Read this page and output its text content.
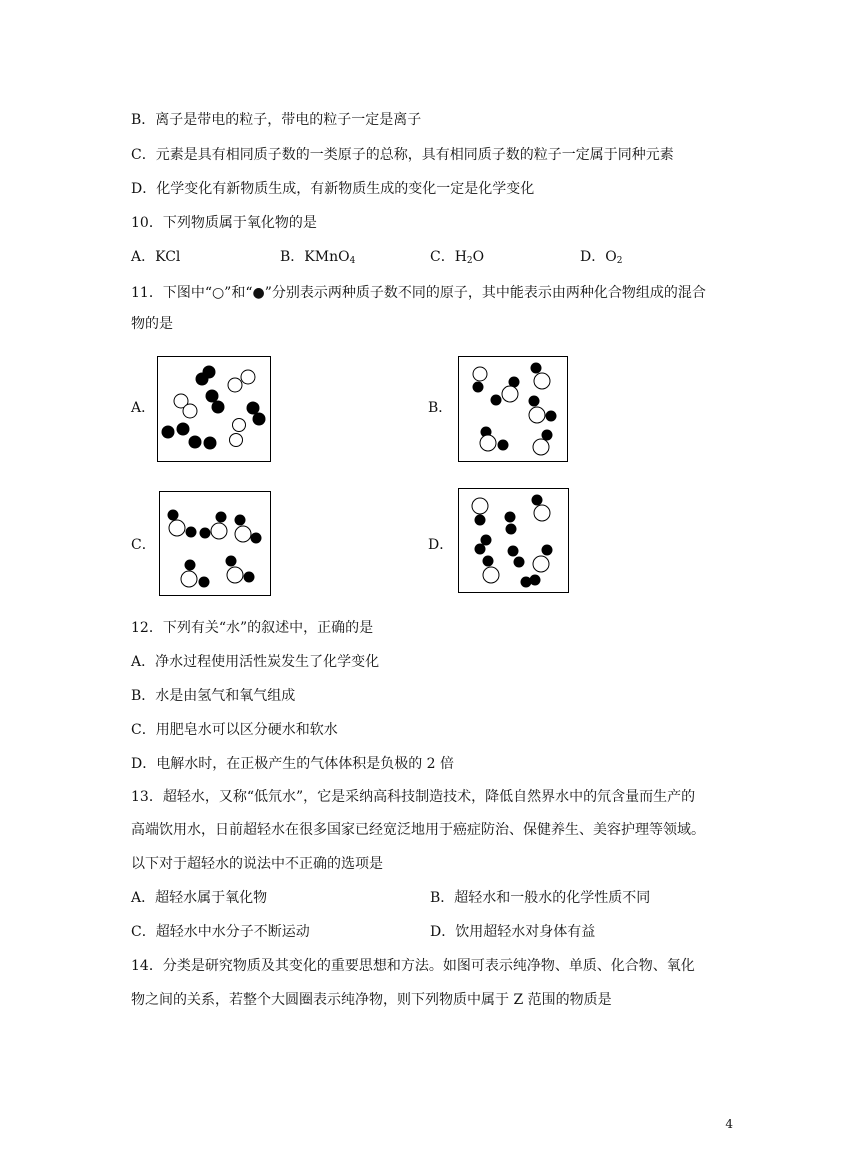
B．离子是带电的粒子，带电的粒子一定是离子
C．元素是具有相同质子数的一类原子的总称，具有相同质子数的粒子一定属于同种元素
D．化学变化有新物质生成，有新物质生成的变化一定是化学变化
10．下列物质属于氧化物的是
A．KCl	B．KMnO$_4$	C．$H_2O$	D．$O_2$
11．下图中“○”和“●”分别表示两种质子数不同的原子，其中能表示由两种化合物组成的混合
物的是
A．	B．
C．	D．
12．下列有关“水”的叙述中，正确的是
A．净水过程使用活性炭发生了化学变化
B．水是由氢气和氧气组成
C．用肥皂水可以区分硬水和软水
D．电解水时，在正极产生的气体体积是负极的 2 倍
13．超轻水，又称“低氘水”，它是采纳高科技制造技术，降低自然界水中的氘含量而生产的
高端饮用水，日前超轻水在很多国家已经宽泛地用于癌症防治、保健养生、美容护理等领域。
以下对于超轻水的说法中不正确的选项是
A．超轻水属于氧化物	B．超轻水和一般水的化学性质不同
C．超轻水中水分子不断运动	D．饮用超轻水对身体有益
14．分类是研究物质及其变化的重要思想和方法。如图可表示纯净物、单质、化合物、氧化
物之间的关系，若整个大圆圈表示纯净物，则下列物质中属于 Z 范围的物质是
4
